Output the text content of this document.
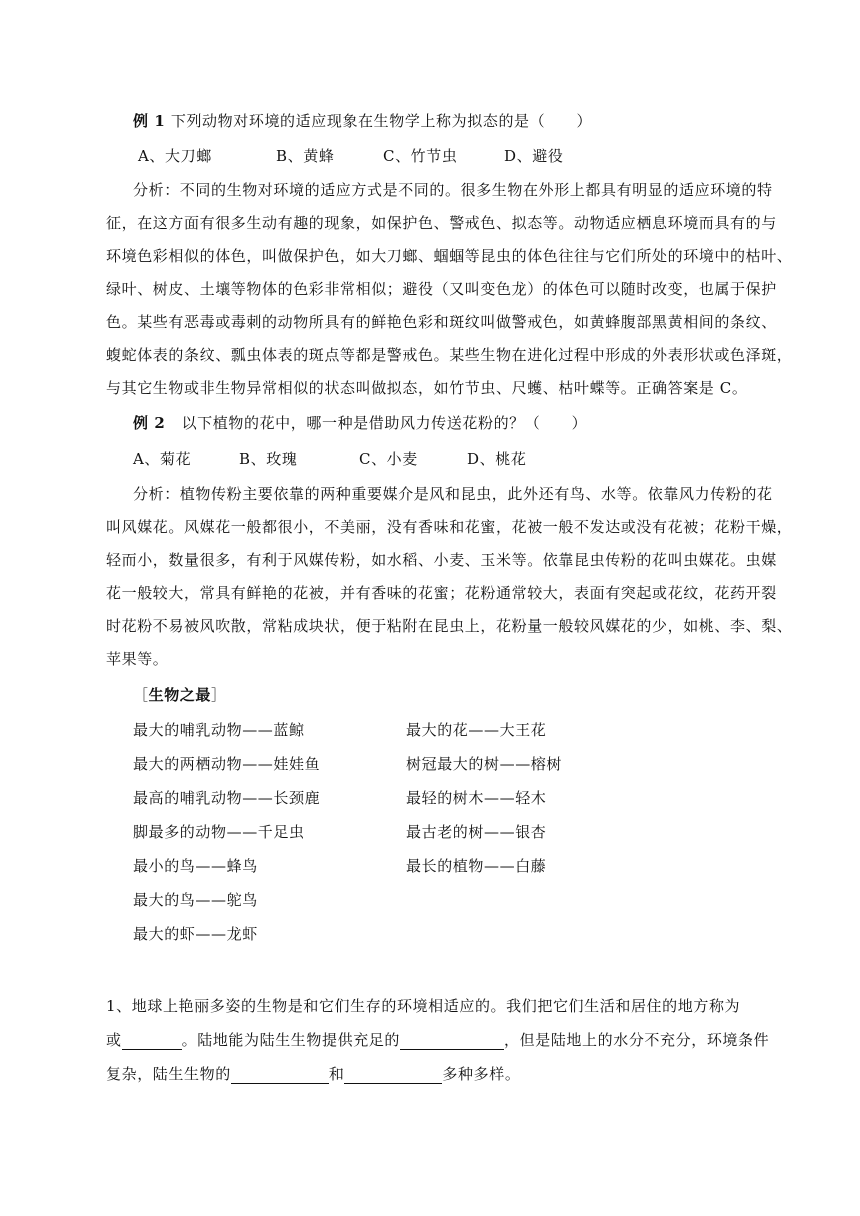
例 1 下列动物对环境的适应现象在生物学上称为拟态的是（　　）
A、大刀螂	B、黄蜂	C、竹节虫	D、避役
分析：不同的生物对环境的适应方式是不同的。很多生物在外形上都具有明显的适应环境的特
征，在这方面有很多生动有趣的现象，如保护色、警戒色、拟态等。动物适应栖息环境而具有的与
环境色彩相似的体色，叫做保护色，如大刀螂、蝈蝈等昆虫的体色往往与它们所处的环境中的枯叶、
绿叶、树皮、土壤等物体的色彩非常相似；避役（又叫变色龙）的体色可以随时改变，也属于保护
色。某些有恶毒或毒刺的动物所具有的鲜艳色彩和斑纹叫做警戒色，如黄蜂腹部黑黄相间的条纹、
蝮蛇体表的条纹、瓢虫体表的斑点等都是警戒色。某些生物在进化过程中形成的外表形状或色泽斑，
与其它生物或非生物异常相似的状态叫做拟态，如竹节虫、尺蠖、枯叶蝶等。正确答案是 C。
例 2 以下植物的花中，哪一种是借助风力传送花粉的？（　　）
A、菊花	B、玫瑰	C、小麦	D、桃花
分析：植物传粉主要依靠的两种重要媒介是风和昆虫，此外还有鸟、水等。依靠风力传粉的花
叫风媒花。风媒花一般都很小，不美丽，没有香味和花蜜，花被一般不发达或没有花被；花粉干燥，
轻而小，数量很多，有利于风媒传粉，如水稻、小麦、玉米等。依靠昆虫传粉的花叫虫媒花。虫媒
花一般较大，常具有鲜艳的花被，并有香味的花蜜；花粉通常较大，表面有突起或花纹，花药开裂
时花粉不易被风吹散，常粘成块状，便于粘附在昆虫上，花粉量一般较风媒花的少，如桃、李、梨、
苹果等。
［生物之最］
最大的哺乳动物——蓝鲸
最大的两栖动物——娃娃鱼
最高的哺乳动物——长颈鹿
脚最多的动物——千足虫
最小的鸟——蜂鸟
最大的鸟——鸵鸟
最大的虾——龙虾
最大的花——大王花
树冠最大的树——榕树
最轻的树木——轻木
最古老的树——银杏
最长的植物——白藤
1、地球上艳丽多姿的生物是和它们生存的环境相适应的。我们把它们生活和居住的地方称为
或	。陆地能为陆生生物提供充足的	，但是陆地上的水分不充分，环境条件
复杂，陆生生物的	和	多种多样。
